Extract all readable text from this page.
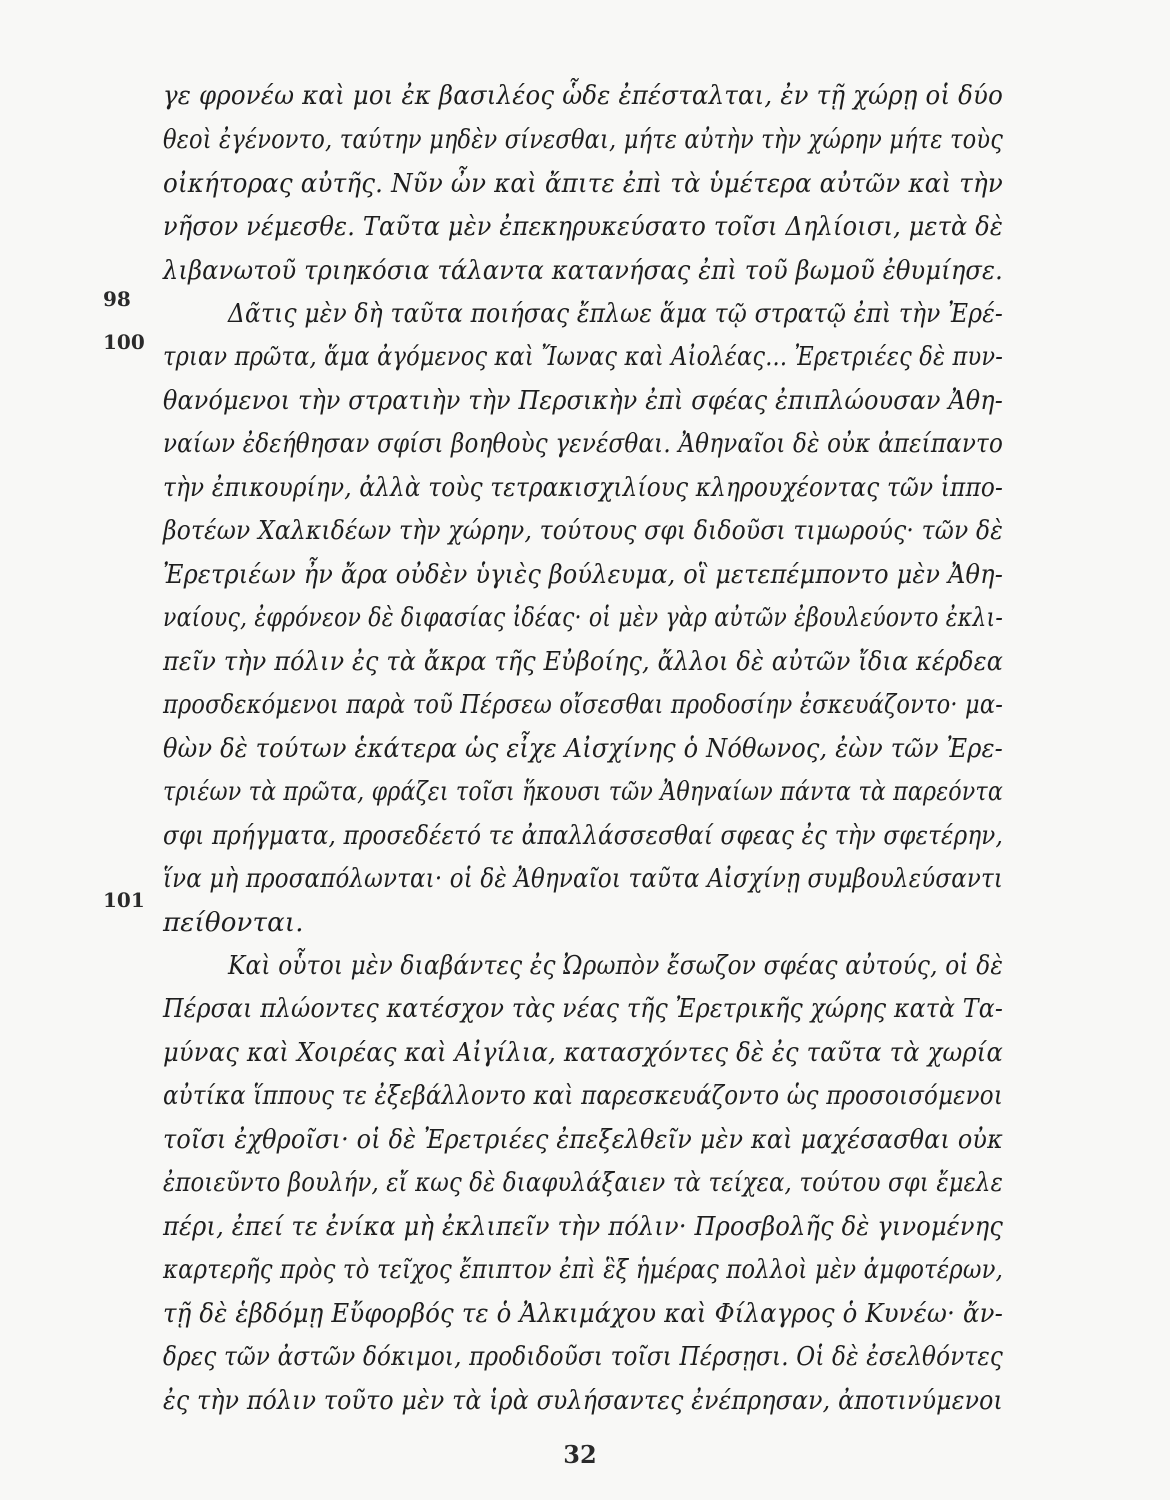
γε φρονέω καὶ μοι ἐκ βασιλέος ὧδε ἐπέσταλται, ἐν τῇ χώρῃ οἱ δύο
θεοὶ ἐγένοντο, ταύτην μηδὲν σίνεσθαι, μήτε αὐτὴν τὴν χώρην μήτε τοὺς
οἰκήτορας αὐτῆς. Νῦν ὦν καὶ ἄπιτε ἐπὶ τὰ ὑμέτερα αὐτῶν καὶ τὴν
νῆσον νέμεσθε. Ταῦτα μὲν ἐπεκηρυκεύσατο τοῖσι Δηλίοισι, μετὰ δὲ
λιβανωτοῦ τριηκόσια τάλαντα κατανήσας ἐπὶ τοῦ βωμοῦ ἐθυμίησε.
98
100
101
Δᾶτις μὲν δὴ ταῦτα ποιήσας ἔπλωε ἅμα τῷ στρατῷ ἐπὶ τὴν Ἐρέ-
τριαν πρῶτα, ἅμα ἀγόμενος καὶ Ἴωνας καὶ Αἰολέας... Ἐρετριέες δὲ πυν-
θανόμενοι τὴν στρατιὴν τὴν Περσικὴν ἐπὶ σφέας ἐπιπλώουσαν Ἀθη-
ναίων ἐδεήθησαν σφίσι βοηθοὺς γενέσθαι. Ἀθηναῖοι δὲ οὐκ ἀπείπαντο
τὴν ἐπικουρίην, ἀλλὰ τοὺς τετρακισχιλίους κληρουχέοντας τῶν ἱππο-
βοτέων Χαλκιδέων τὴν χώρην, τούτους σφι διδοῦσι τιμωρούς· τῶν δὲ
Ἐρετριέων ἦν ἄρα οὐδὲν ὑγιὲς βούλευμα, οἳ μετεπέμποντο μὲν Ἀθη-
ναίους, ἐφρόνεον δὲ διφασίας ἰδέας· οἱ μὲν γὰρ αὐτῶν ἐβουλεύοντο ἐκλι-
πεῖν τὴν πόλιν ἐς τὰ ἄκρα τῆς Εὐβοίης, ἄλλοι δὲ αὐτῶν ἴδια κέρδεα
προσδεκόμενοι παρὰ τοῦ Πέρσεω οἴσεσθαι προδοσίην ἐσκευάζοντο· μα-
θὼν δὲ τούτων ἑκάτερα ὡς εἶχε Αἰσχίνης ὁ Νόθωνος, ἐὼν τῶν Ἐρε-
τριέων τὰ πρῶτα, φράζει τοῖσι ἥκουσι τῶν Ἀθηναίων πάντα τὰ παρεόντα
σφι πρήγματα, προσεδέετό τε ἀπαλλάσσεσθαί σφεας ἐς τὴν σφετέρην,
ἵνα μὴ προσαπόλωνται· οἱ δὲ Ἀθηναῖοι ταῦτα Αἰσχίνῃ συμβουλεύσαντι
πείθονται.
Καὶ οὗτοι μὲν διαβάντες ἐς Ὠρωπὸν ἔσωζον σφέας αὐτούς, οἱ δὲ
Πέρσαι πλώοντες κατέσχον τὰς νέας τῆς Ἐρετρικῆς χώρης κατὰ Τα-
μύνας καὶ Χοιρέας καὶ Αἰγίλια, κατασχόντες δὲ ἐς ταῦτα τὰ χωρία
αὐτίκα ἵππους τε ἐξεβάλλοντο καὶ παρεσκευάζοντο ὡς προσοισόμενοι
τοῖσι ἐχθροῖσι· οἱ δὲ Ἐρετριέες ἐπεξελθεῖν μὲν καὶ μαχέσασθαι οὐκ
ἐποιεῦντο βουλήν, εἴ κως δὲ διαφυλάξαιεν τὰ τείχεα, τούτου σφι ἔμελε
πέρι, ἐπεί τε ἐνίκα μὴ ἐκλιπεῖν τὴν πόλιν· Προσβολῆς δὲ γινομένης
καρτερῆς πρὸς τὸ τεῖχος ἔπιπτον ἐπὶ ἓξ ἡμέρας πολλοὶ μὲν ἀμφοτέρων,
τῇ δὲ ἑβδόμῃ Εὔφορβός τε ὁ Ἀλκιμάχου καὶ Φίλαγρος ὁ Κυνέω· ἄν-
δρες τῶν ἀστῶν δόκιμοι, προδιδοῦσι τοῖσι Πέρσῃσι. Οἱ δὲ ἐσελθόντες
ἐς τὴν πόλιν τοῦτο μὲν τὰ ἱρὰ συλήσαντες ἐνέπρησαν, ἀποτινύμενοι
32
